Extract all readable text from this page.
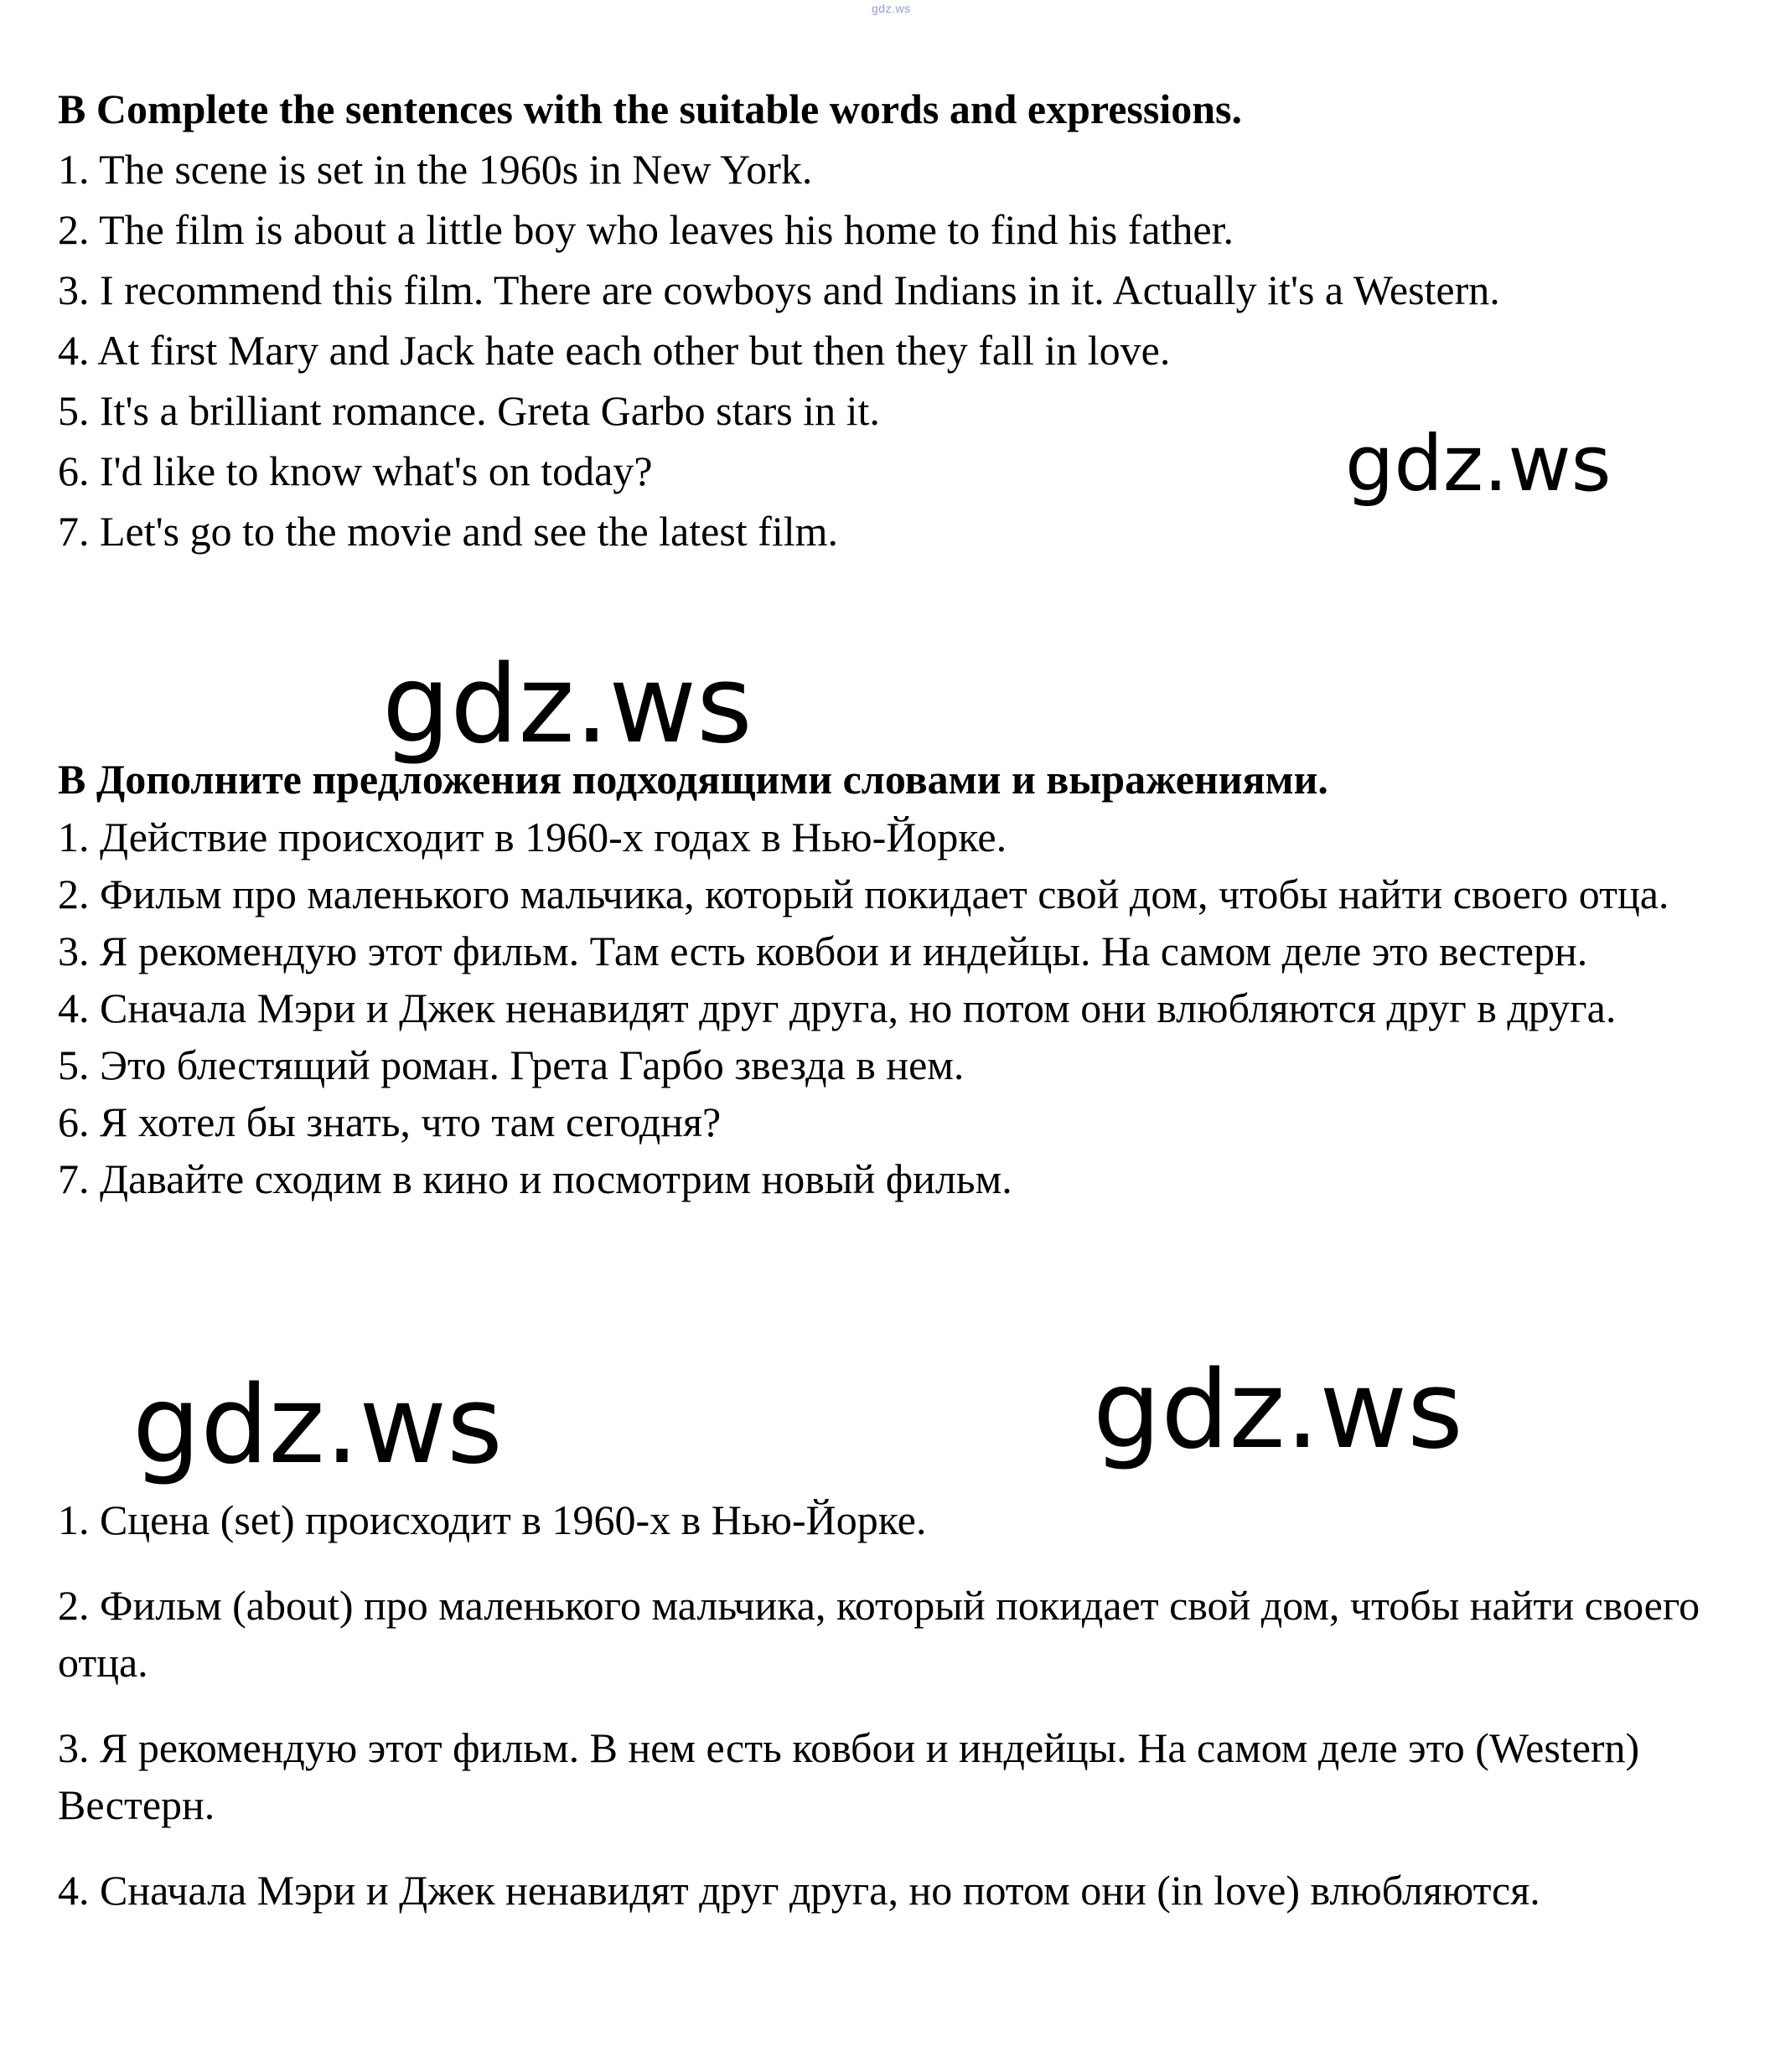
gdz.ws

B Complete the sentences with the suitable words and expressions.

1. The scene is set in the 1960s in New York.

2. The film is about a little boy who leaves his home to find his father.

3. I recommend this film. There are cowboys and Indians in it. Actually it's a Western.

4. At first Mary and Jack hate each other but then they fall in love.

5. It's a brilliant romance. Greta Garbo stars in it.

6. I'd like to know what's on today?

7. Let's go to the movie and see the latest film.

В Дополните предложения подходящими словами и выражениями.

1. Действие происходит в 1960-х годах в Нью-Йорке.

2. Фильм про маленького мальчика, который покидает свой дом, чтобы найти своего отца.

3. Я рекомендую этот фильм. Там есть ковбои и индейцы. На самом деле это вестерн.

4. Сначала Мэри и Джек ненавидят друг друга, но потом они влюбляются друг в друга.

5. Это блестящий роман. Грета Гарбо звезда в нем.

6. Я хотел бы знать, что там сегодня?

7. Давайте сходим в кино и посмотрим новый фильм.

1. Сцена (set) происходит в 1960-х в Нью-Йорке.

2. Фильм (about) про маленького мальчика, который покидает свой дом, чтобы найти своего отца.

3. Я рекомендую этот фильм. В нем есть ковбои и индейцы. На самом деле это (Western) Вестерн.

4. Сначала Мэри и Джек ненавидят друг друга, но потом они (in love) влюбляются.

gdz.ws
gdz.ws
gdz.ws	gdz.ws
